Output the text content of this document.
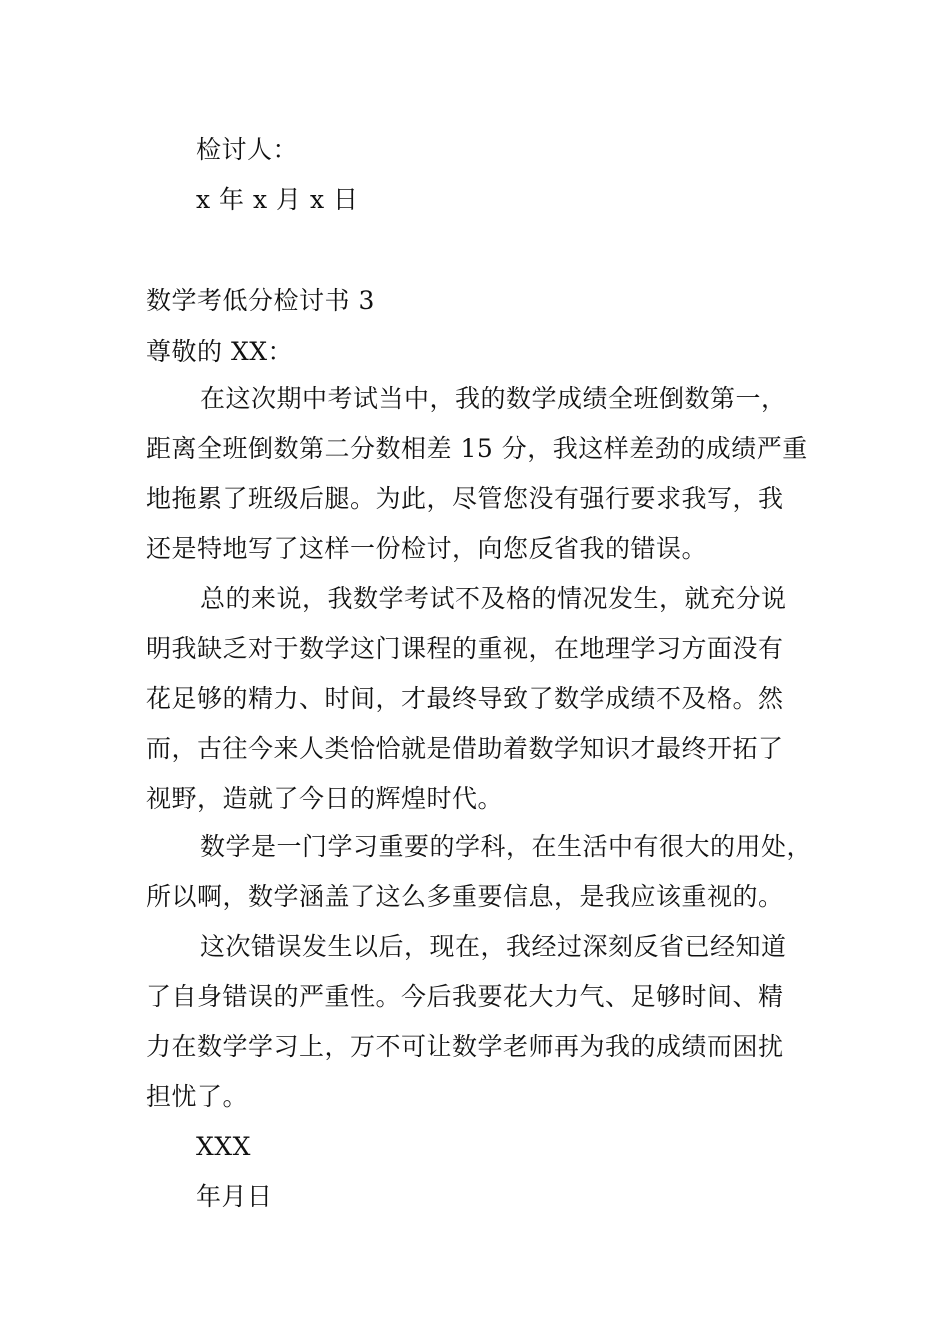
检讨人：
x 年 x 月 x 日
数学考低分检讨书 3
尊敬的 XX：
在这次期中考试当中，我的数学成绩全班倒数第一，
距离全班倒数第二分数相差 15 分，我这样差劲的成绩严重
地拖累了班级后腿。为此，尽管您没有强行要求我写，我
还是特地写了这样一份检讨，向您反省我的错误。
总的来说，我数学考试不及格的情况发生，就充分说
明我缺乏对于数学这门课程的重视，在地理学习方面没有
花足够的精力、时间，才最终导致了数学成绩不及格。然
而，古往今来人类恰恰就是借助着数学知识才最终开拓了
视野，造就了今日的辉煌时代。
数学是一门学习重要的学科，在生活中有很大的用处，
所以啊，数学涵盖了这么多重要信息，是我应该重视的。
这次错误发生以后，现在，我经过深刻反省已经知道
了自身错误的严重性。今后我要花大力气、足够时间、精
力在数学学习上，万不可让数学老师再为我的成绩而困扰
担忧了。
XXX
年月日
